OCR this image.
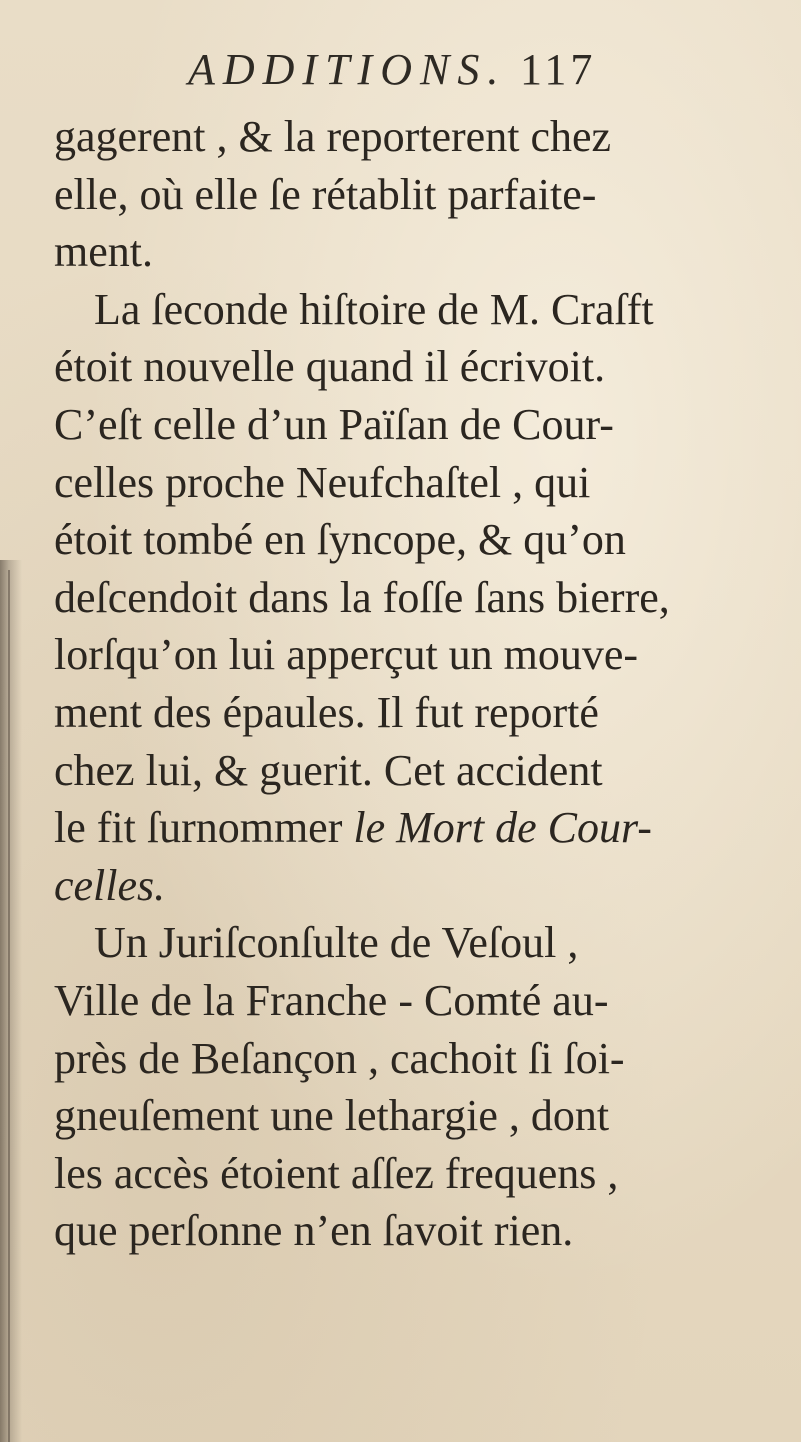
ADDITIONS. 117
gagerent , & la reporterent chez
elle, où elle ſe rétablit parfaite-
ment.
La ſeconde hiſtoire de M. Craſft
étoit nouvelle quand il écrivoit.
C’eſt celle d’un Païſan de Cour-
celles proche Neufchaſtel , qui
étoit tombé en ſyncope, & qu’on
deſcendoit dans la foſſe ſans bierre,
lorſqu’on lui apperçut un mouve-
ment des épaules. Il fut reporté
chez lui, & guerit. Cet accident
le fit ſurnommer le Mort de Cour-
celles.
Un Juriſconſulte de Veſoul ,
Ville de la Franche - Comté au-
près de Beſançon , cachoit ſi ſoi-
gneuſement une lethargie , dont
les accès étoient aſſez frequens ,
que perſonne n’en ſavoit rien.
